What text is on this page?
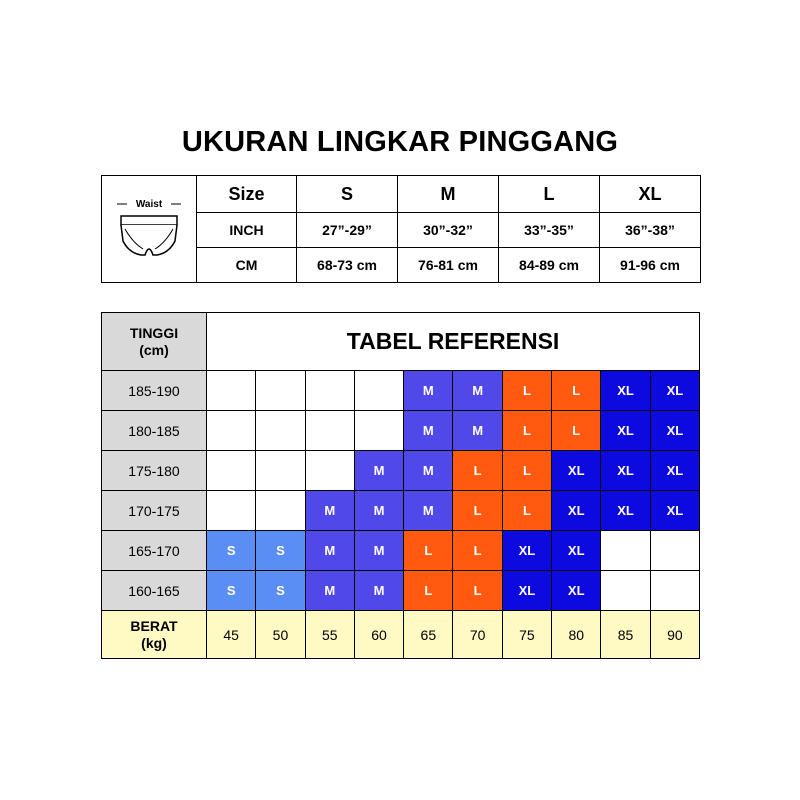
UKURAN LINGKAR PINGGANG
Waist	Size	S	M	L	XL
	INCH	27”-29”	30”-32”	33”-35”	36”-38”
	CM	68-73 cm	76-81 cm	84-89 cm	91-96 cm
TINGGI
(cm)	TABEL REFERENSI									
185-190					M	M	L	L	XL	XL
180-185					M	M	L	L	XL	XL
175-180				M	M	L	L	XL	XL	XL
170-175			M	M	M	L	L	XL	XL	XL
165-170	S	S	M	M	L	L	XL	XL		
160-165	S	S	M	M	L	L	XL	XL		

BERAT
(kg)	45	50	55	60	65	70	75	80	85	90
